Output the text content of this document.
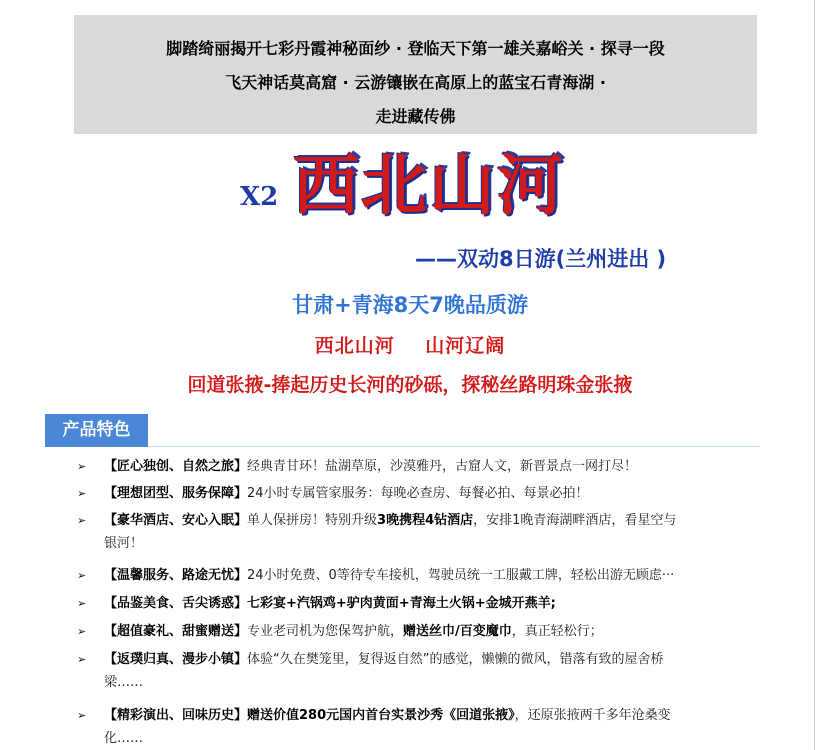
脚踏绮丽揭开七彩丹霞神秘面纱 · 登临天下第一雄关嘉峪关 · 探寻一段
飞天神话莫高窟 · 云游镶嵌在高原上的蓝宝石青海湖 ·
走进藏传佛
X2 西北山河
——双动8日游(兰州进出 )
甘肃+青海8天7晚品质游
西北山河    山河辽阔
回道张掖-捧起历史长河的砂砾，探秘丝路明珠金张掖
产品特色
➢	【匠心独创、自然之旅】经典青甘环！盐湖草原，沙漠雅丹，古窟人文，新晋景点一网打尽！
➢	【理想团型、服务保障】24小时专属管家服务：每晚必查房、每餐必拍、每景必拍！
➢	【豪华酒店、安心入眠】单人保拼房！特别升级3晚携程4钻酒店，安排1晚青海湖畔酒店，看星空与
银河！
➢	【温馨服务、路途无忧】24小时免费、0等待专车接机，驾驶员统一工服戴工牌，轻松出游无顾虑···
➢	【品鉴美食、舌尖诱惑】七彩宴+汽锅鸡+驴肉黄面+青海土火锅+金城开燕羊;
➢	【超值豪礼、甜蜜赠送】专业老司机为您保驾护航，赠送丝巾/百变魔巾，真正轻松行；
➢	【返璞归真、漫步小镇】体验“久在樊笼里，复得返自然”的感觉，懒懒的微风，错落有致的屋舍桥
梁……
➢	【精彩演出、回味历史】赠送价值280元国内首台实景沙秀《回道张掖》，还原张掖两千多年沧桑变
化……
